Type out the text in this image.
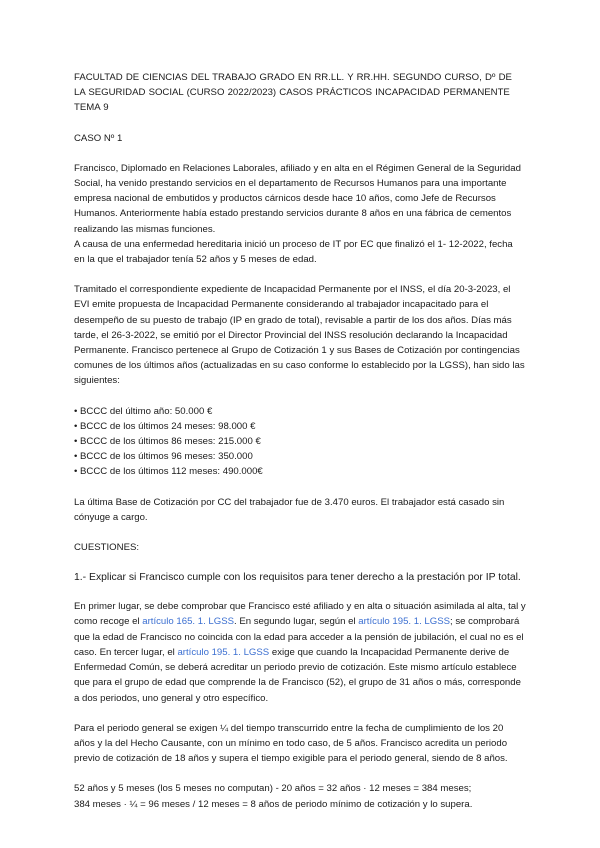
FACULTAD DE CIENCIAS DEL TRABAJO GRADO EN RR.LL. Y RR.HH. SEGUNDO CURSO, Dº DE

LA SEGURIDAD SOCIAL (CURSO 2022/2023) CASOS PRÁCTICOS INCAPACIDAD PERMANENTE

TEMA 9

CASO Nº 1

Francisco, Diplomado en Relaciones Laborales, afiliado y en alta en el Régimen General de la Seguridad Social, ha venido prestando servicios en el departamento de Recursos Humanos para una importante empresa nacional de embutidos y productos cárnicos desde hace 10 años, como Jefe de Recursos Humanos. Anteriormente había estado prestando servicios durante 8 años en una fábrica de cementos realizando las mismas funciones.

A causa de una enfermedad hereditaria inició un proceso de IT por EC que finalizó el 1- 12-2022, fecha en la que el trabajador tenía 52 años y 5 meses de edad.

Tramitado el correspondiente expediente de Incapacidad Permanente por el INSS, el día 20-3-2023, el EVI emite propuesta de Incapacidad Permanente considerando al trabajador incapacitado para el desempeño de su puesto de trabajo (IP en grado de total), revisable a partir de los dos años. Días más tarde, el 26-3-2022, se emitió por el Director Provincial del INSS resolución declarando la Incapacidad Permanente. Francisco pertenece al Grupo de Cotización 1 y sus Bases de Cotización por contingencias comunes de los últimos años (actualizadas en su caso conforme lo establecido por la LGSS), han sido las siguientes:

• BCCC del último año: 50.000 €
• BCCC de los últimos 24 meses: 98.000 €
• BCCC de los últimos 86 meses: 215.000 €
• BCCC de los últimos 96 meses: 350.000
• BCCC de los últimos 112 meses: 490.000€

La última Base de Cotización por CC del trabajador fue de 3.470 euros. El trabajador está casado sin cónyuge a cargo.

CUESTIONES:

1.- Explicar si Francisco cumple con los requisitos para tener derecho a la prestación por IP total.

En primer lugar, se debe comprobar que Francisco esté afiliado y en alta o situación asimilada al alta, tal y como recoge el artículo 165. 1. LGSS. En segundo lugar, según el artículo 195. 1. LGSS; se comprobará que la edad de Francisco no coincida con la edad para acceder a la pensión de jubilación, el cual no es el caso. En tercer lugar, el artículo 195. 1. LGSS exige que cuando la Incapacidad Permanente derive de Enfermedad Común, se deberá acreditar un periodo previo de cotización. Este mismo artículo establece que para el grupo de edad que comprende la de Francisco (52), el grupo de 31 años o más, corresponde a dos periodos, uno general y otro específico.

Para el periodo general se exigen ¼ del tiempo transcurrido entre la fecha de cumplimiento de los 20 años y la del Hecho Causante, con un mínimo en todo caso, de 5 años. Francisco acredita un periodo previo de cotización de 18 años y supera el tiempo exigible para el periodo general, siendo de 8 años.

52 años y 5 meses (los 5 meses no computan) - 20 años = 32 años · 12 meses = 384 meses;

384 meses · ¼ = 96 meses / 12 meses = 8 años de periodo mínimo de cotización y lo supera.
